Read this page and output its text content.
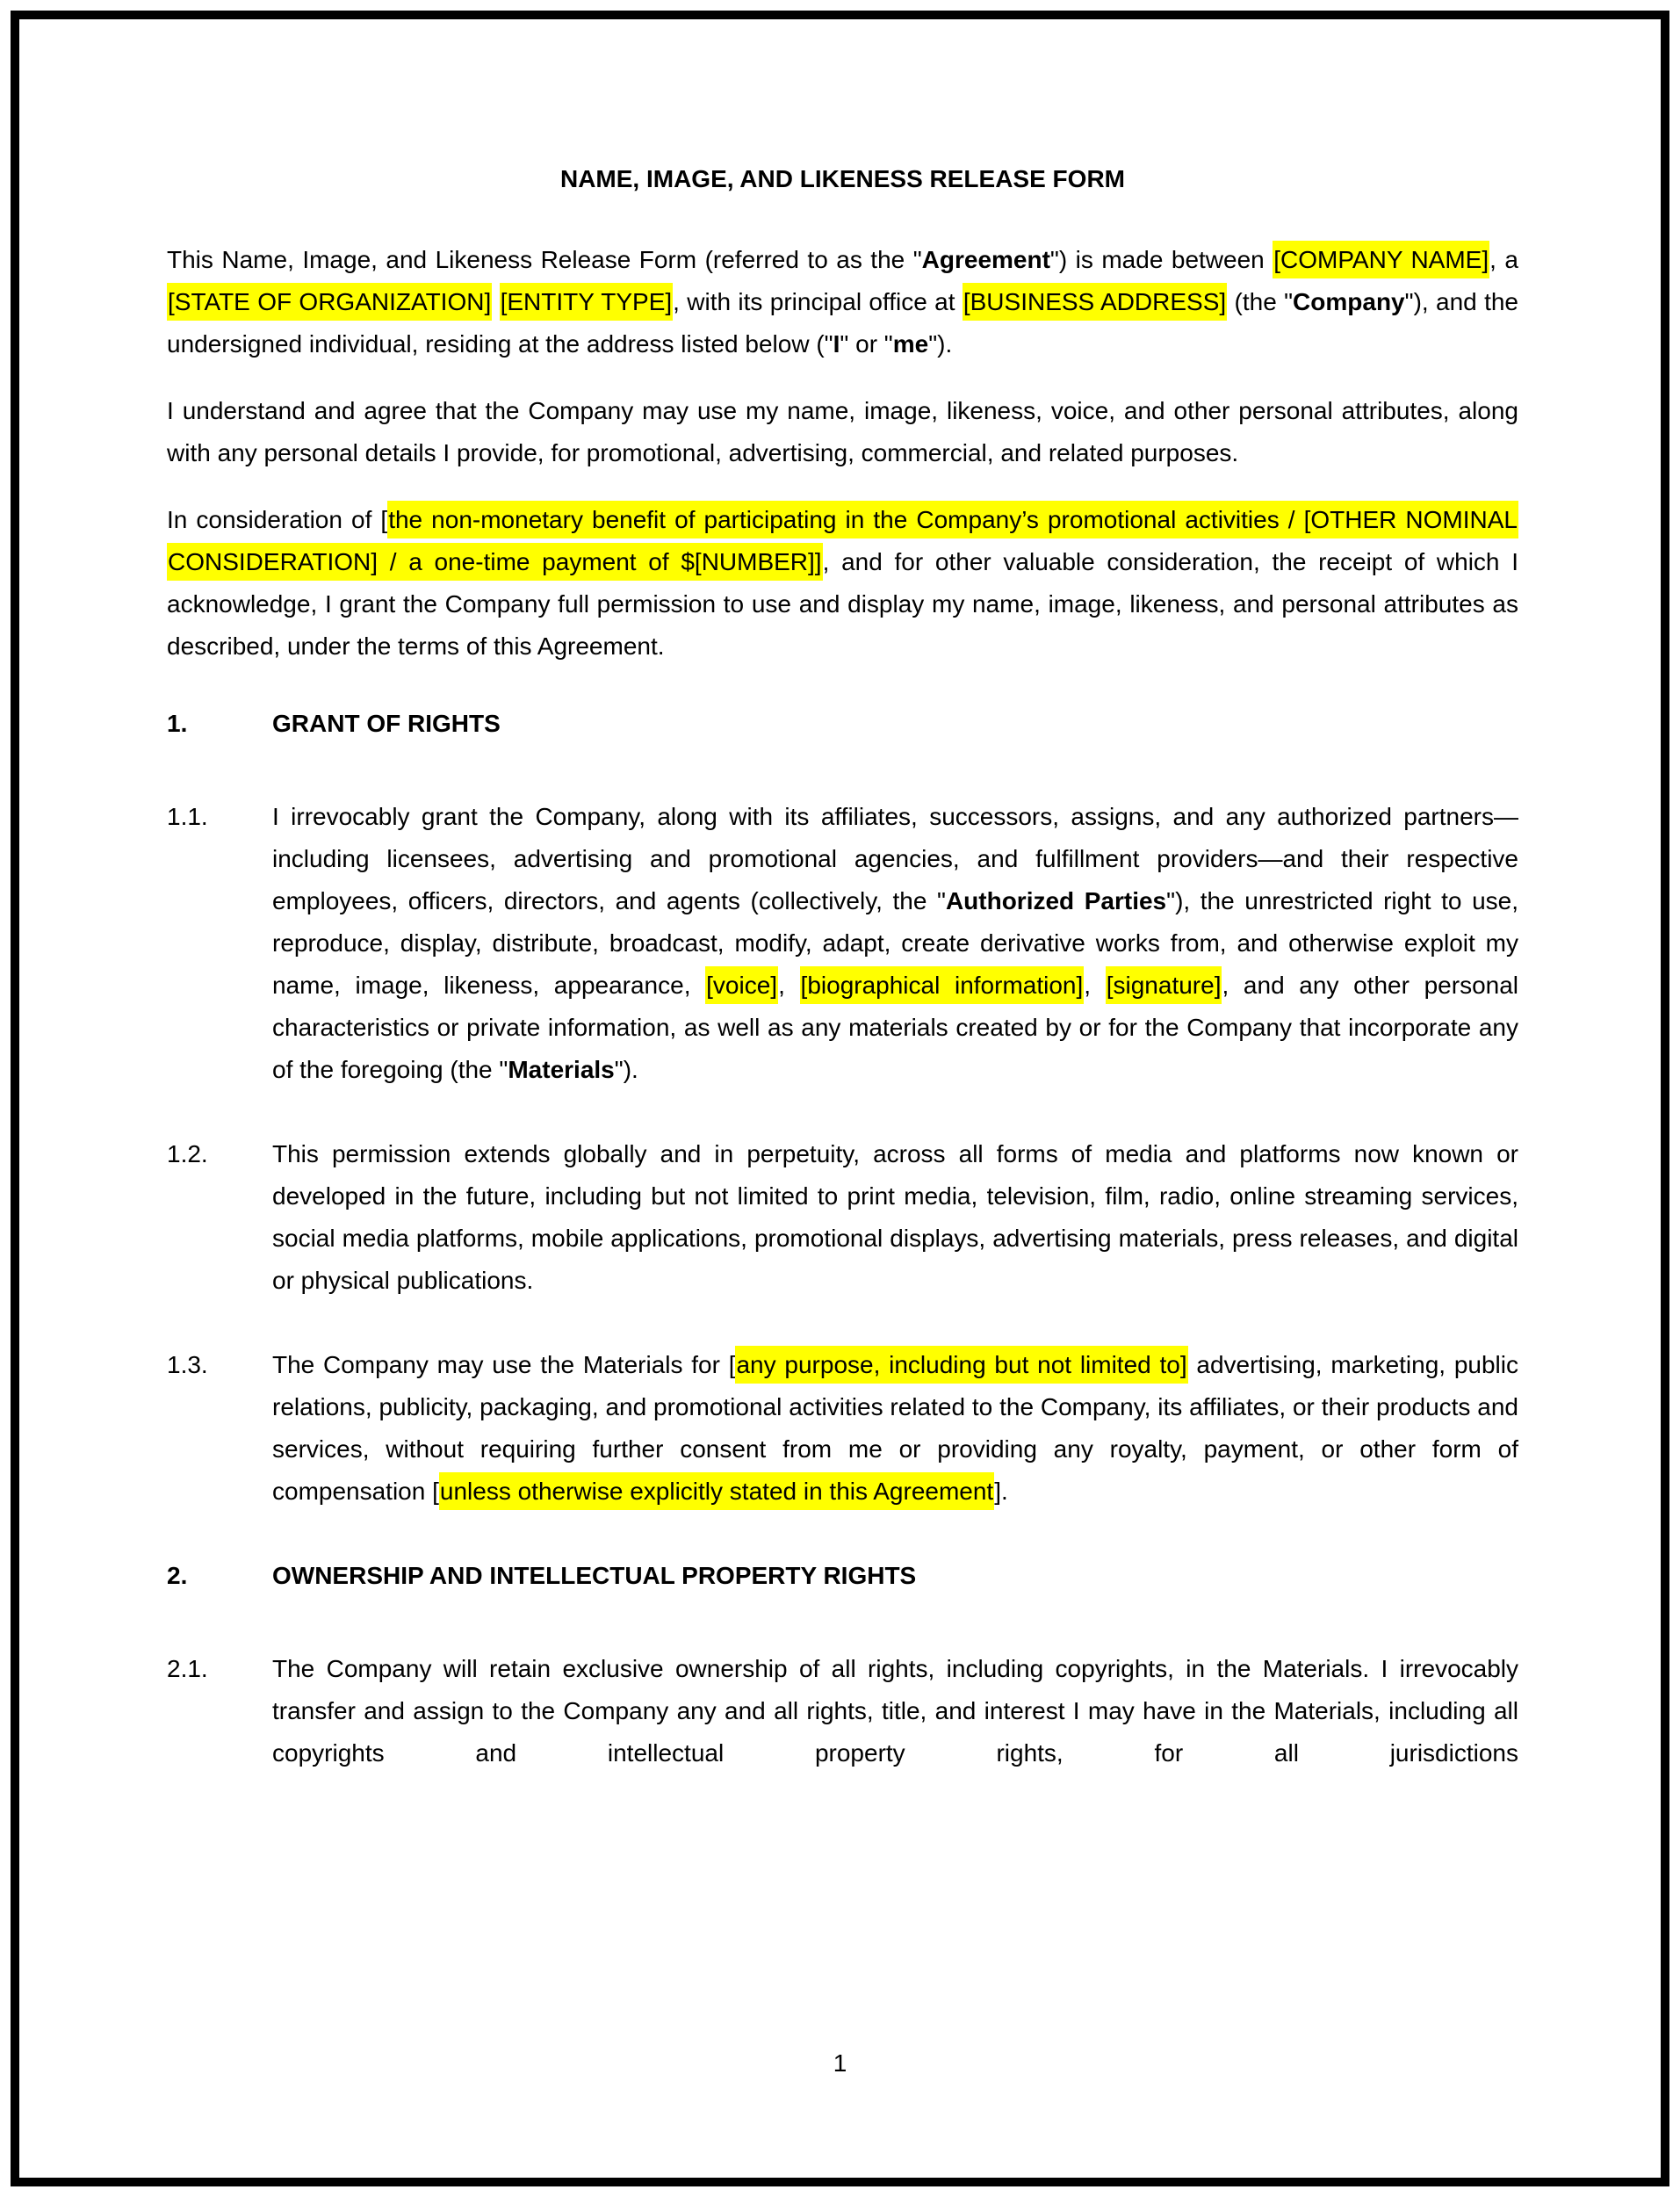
NAME, IMAGE, AND LIKENESS RELEASE FORM

This Name, Image, and Likeness Release Form (referred to as the "Agreement") is made between [COMPANY NAME], a [STATE OF ORGANIZATION] [ENTITY TYPE], with its principal office at [BUSINESS ADDRESS] (the "Company"), and the undersigned individual, residing at the address listed below ("I" or "me").

I understand and agree that the Company may use my name, image, likeness, voice, and other personal attributes, along with any personal details I provide, for promotional, advertising, commercial, and related purposes.

In consideration of [the non-monetary benefit of participating in the Company’s promotional activities / [OTHER NOMINAL CONSIDERATION] / a one-time payment of $[NUMBER]], and for other valuable consideration, the receipt of which I acknowledge, I grant the Company full permission to use and display my name, image, likeness, and personal attributes as described, under the terms of this Agreement.

1.	GRANT OF RIGHTS
1.1.	I irrevocably grant the Company, along with its affiliates, successors, assigns, and any authorized partners—including licensees, advertising and promotional agencies, and fulfillment providers—and their respective employees, officers, directors, and agents (collectively, the "Authorized Parties"), the unrestricted right to use, reproduce, display, distribute, broadcast, modify, adapt, create derivative works from, and otherwise exploit my name, image, likeness, appearance, [voice], [biographical information], [signature], and any other personal characteristics or private information, as well as any materials created by or for the Company that incorporate any of the foregoing (the "Materials").
1.2.	This permission extends globally and in perpetuity, across all forms of media and platforms now known or developed in the future, including but not limited to print media, television, film, radio, online streaming services, social media platforms, mobile applications, promotional displays, advertising materials, press releases, and digital or physical publications.
1.3.	The Company may use the Materials for [any purpose, including but not limited to] advertising, marketing, public relations, publicity, packaging, and promotional activities related to the Company, its affiliates, or their products and services, without requiring further consent from me or providing any royalty, payment, or other form of compensation [unless otherwise explicitly stated in this Agreement].
2.	OWNERSHIP AND INTELLECTUAL PROPERTY RIGHTS
2.1.	The Company will retain exclusive ownership of all rights, including copyrights, in the Materials. I irrevocably transfer and assign to the Company any and all rights, title, and interest I may have in the Materials, including all copyrights and intellectual property rights, for all jurisdictions
1
